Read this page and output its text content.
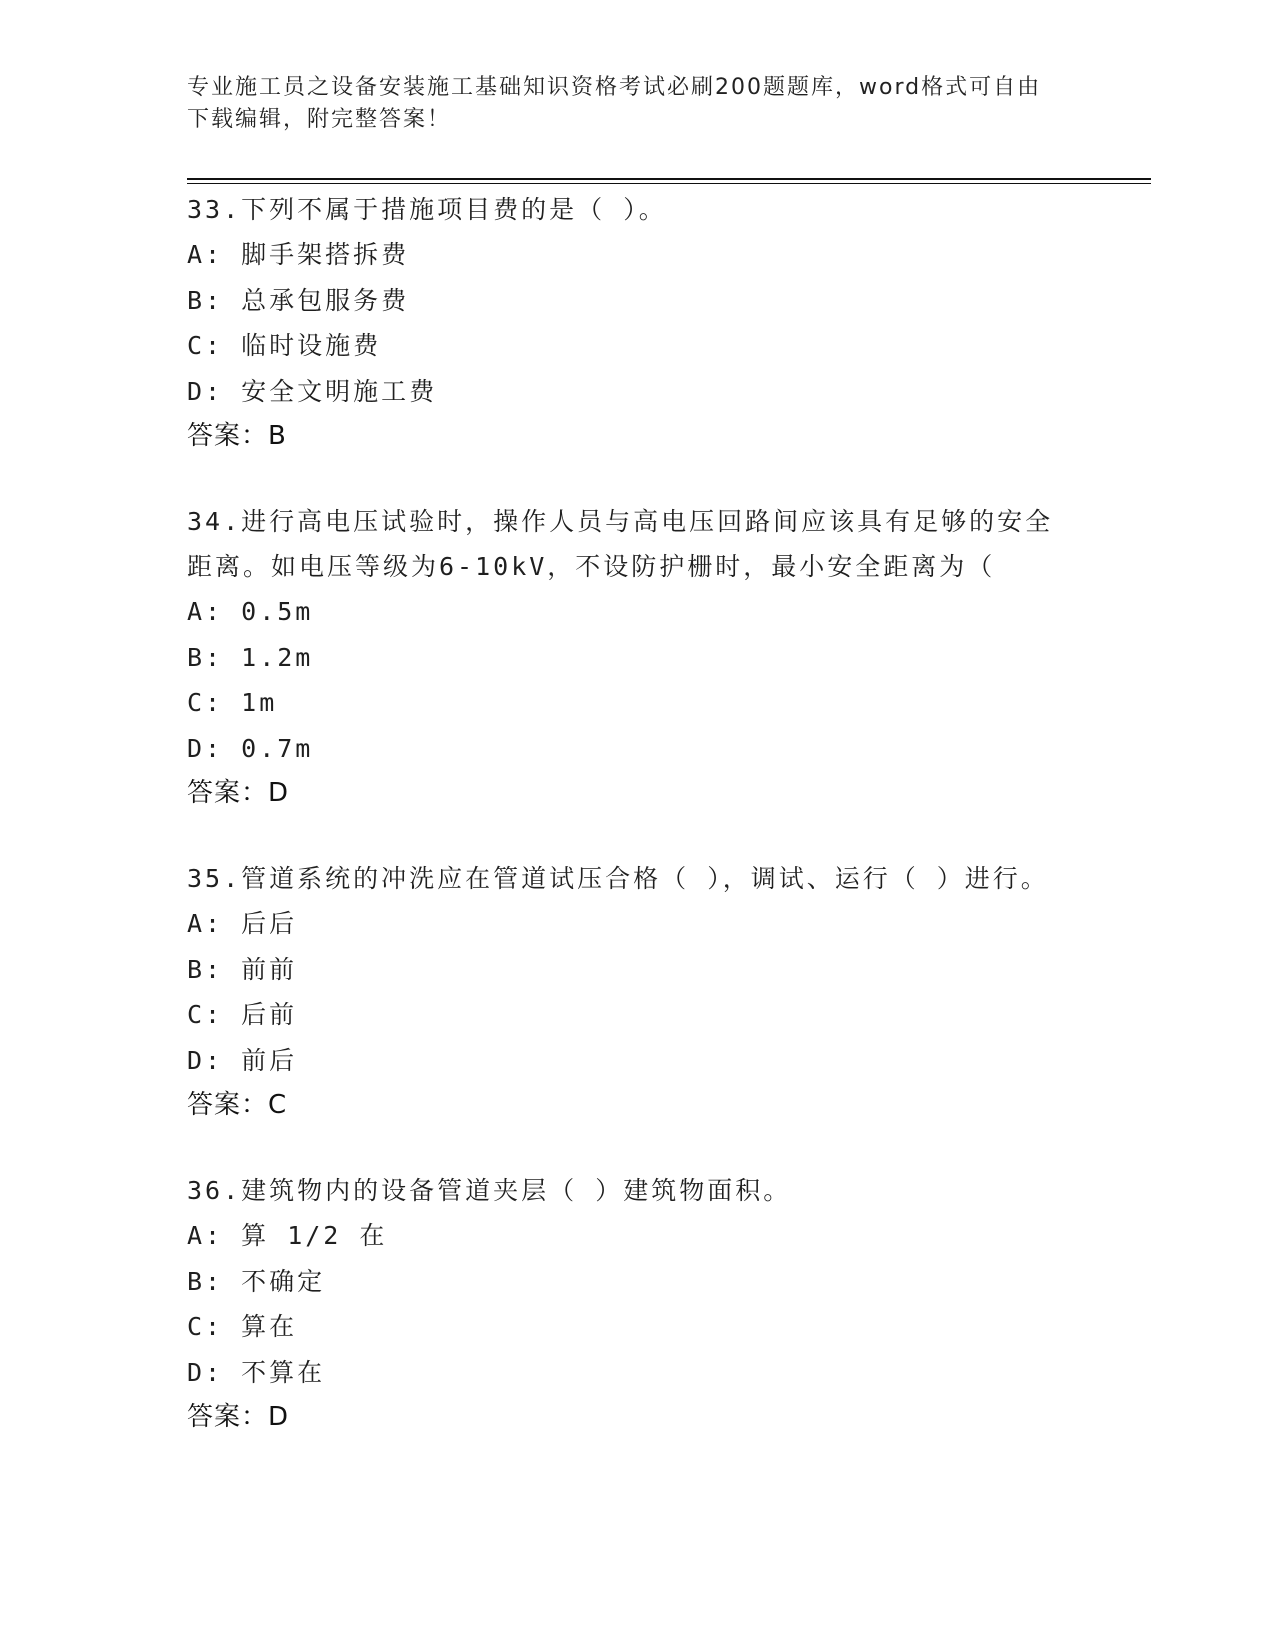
专业施工员之设备安装施工基础知识资格考试必刷200题题库，word格式可自由
下载编辑，附完整答案！
33.下列不属于措施项目费的是（ ）。
A: 脚手架搭拆费
B: 总承包服务费
C: 临时设施费
D: 安全文明施工费
答案：B
34.进行高电压试验时，操作人员与高电压回路间应该具有足够的安全
距离。如电压等级为6-10kV，不设防护栅时，最小安全距离为（
A: 0.5m
B: 1.2m
C: 1m
D: 0.7m
答案：D
35.管道系统的冲洗应在管道试压合格（ ），调试、运行（ ）进行。
A: 后后
B: 前前
C: 后前
D: 前后
答案：C
36.建筑物内的设备管道夹层（ ）建筑物面积。
A: 算 1/2 在
B: 不确定
C: 算在
D: 不算在
答案：D
